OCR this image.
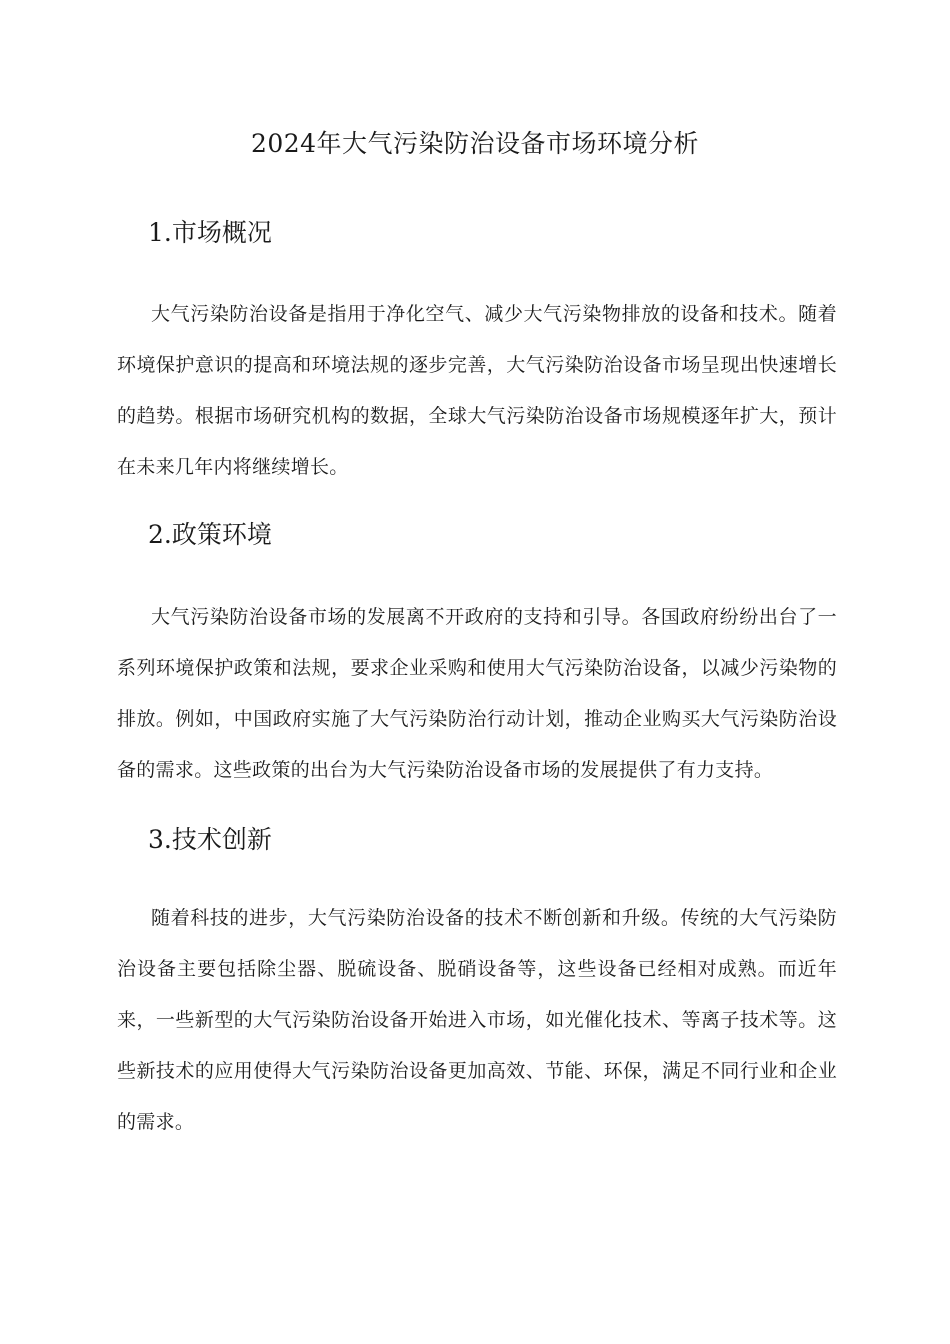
2024年大气污染防治设备市场环境分析
1.市场概况

大气污染防治设备是指用于净化空气、减少大气污染物排放的设备和技术。随着环境保护意识的提高和环境法规的逐步完善，大气污染防治设备市场呈现出快速增长的趋势。根据市场研究机构的数据，全球大气污染防治设备市场规模逐年扩大，预计在未来几年内将继续增长。

2.政策环境

大气污染防治设备市场的发展离不开政府的支持和引导。各国政府纷纷出台了一系列环境保护政策和法规，要求企业采购和使用大气污染防治设备，以减少污染物的排放。例如，中国政府实施了大气污染防治行动计划，推动企业购买大气污染防治设备的需求。这些政策的出台为大气污染防治设备市场的发展提供了有力支持。

3.技术创新

随着科技的进步，大气污染防治设备的技术不断创新和升级。传统的大气污染防治设备主要包括除尘器、脱硫设备、脱硝设备等，这些设备已经相对成熟。而近年来，一些新型的大气污染防治设备开始进入市场，如光催化技术、等离子技术等。这些新技术的应用使得大气污染防治设备更加高效、节能、环保，满足不同行业和企业的需求。
